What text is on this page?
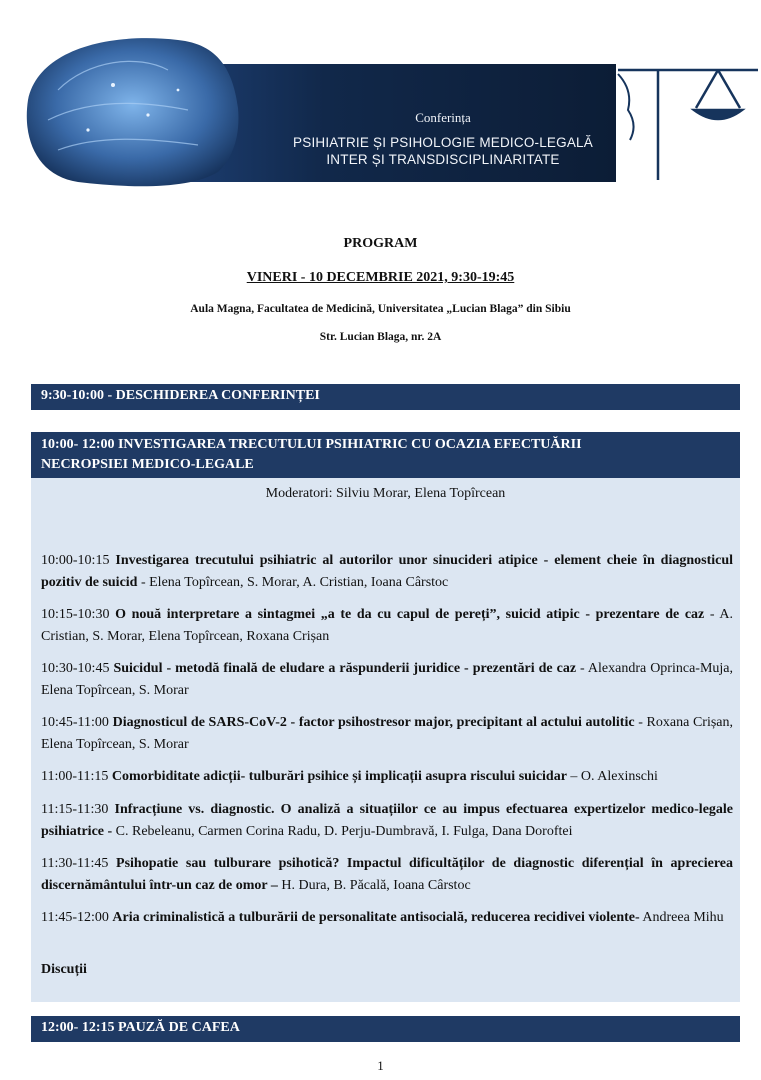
Conferința
PSIHIATRIE ȘI PSIHOLOGIE MEDICO-LEGALĂ
INTER ȘI TRANSDISCIPLINARITATE
PROGRAM
VINERI - 10 DECEMBRIE 2021, 9:30-19:45
Aula Magna, Facultatea de Medicină, Universitatea „Lucian Blaga” din Sibiu
Str. Lucian Blaga, nr. 2A
9:30-10:00 - DESCHIDEREA CONFERINȚEI
10:00- 12:00 INVESTIGAREA TRECUTULUI PSIHIATRIC CU OCAZIA EFECTUĂRII
NECROPSIEI MEDICO-LEGALE
Moderatori: Silviu Morar, Elena Topîrcean
10:00-10:15 Investigarea trecutului psihiatric al autorilor unor sinucideri atipice - element cheie în diagnosticul pozitiv de suicid - Elena Topîrcean, S. Morar, A. Cristian, Ioana Cârstoc
10:15-10:30 O nouă interpretare a sintagmei „a te da cu capul de pereți”, suicid atipic - prezentare de caz - A. Cristian, S. Morar, Elena Topîrcean, Roxana Crișan
10:30-10:45 Suicidul - metodă finală de eludare a răspunderii juridice - prezentări de caz - Alexandra Oprinca-Muja, Elena Topîrcean, S. Morar
10:45-11:00 Diagnosticul de SARS-CoV-2 - factor psihostresor major, precipitant al actului autolitic - Roxana Crișan, Elena Topîrcean, S. Morar
11:00-11:15 Comorbiditate adicții- tulburări psihice și implicații asupra riscului suicidar – O. Alexinschi
11:15-11:30 Infracțiune vs. diagnostic. O analiză a situațiilor ce au impus efectuarea expertizelor medico-legale psihiatrice - C. Rebeleanu, Carmen Corina Radu, D. Perju-Dumbravă, I. Fulga, Dana Doroftei
11:30-11:45 Psihopatie sau tulburare psihotică? Impactul dificultăților de diagnostic diferențial în aprecierea discernământului într-un caz de omor – H. Dura, B. Păcală, Ioana Cârstoc
11:45-12:00 Aria criminalistică a tulburării de personalitate antisocială, reducerea recidivei violente- Andreea Mihu
Discuții
12:00- 12:15 PAUZĂ DE CAFEA
1
